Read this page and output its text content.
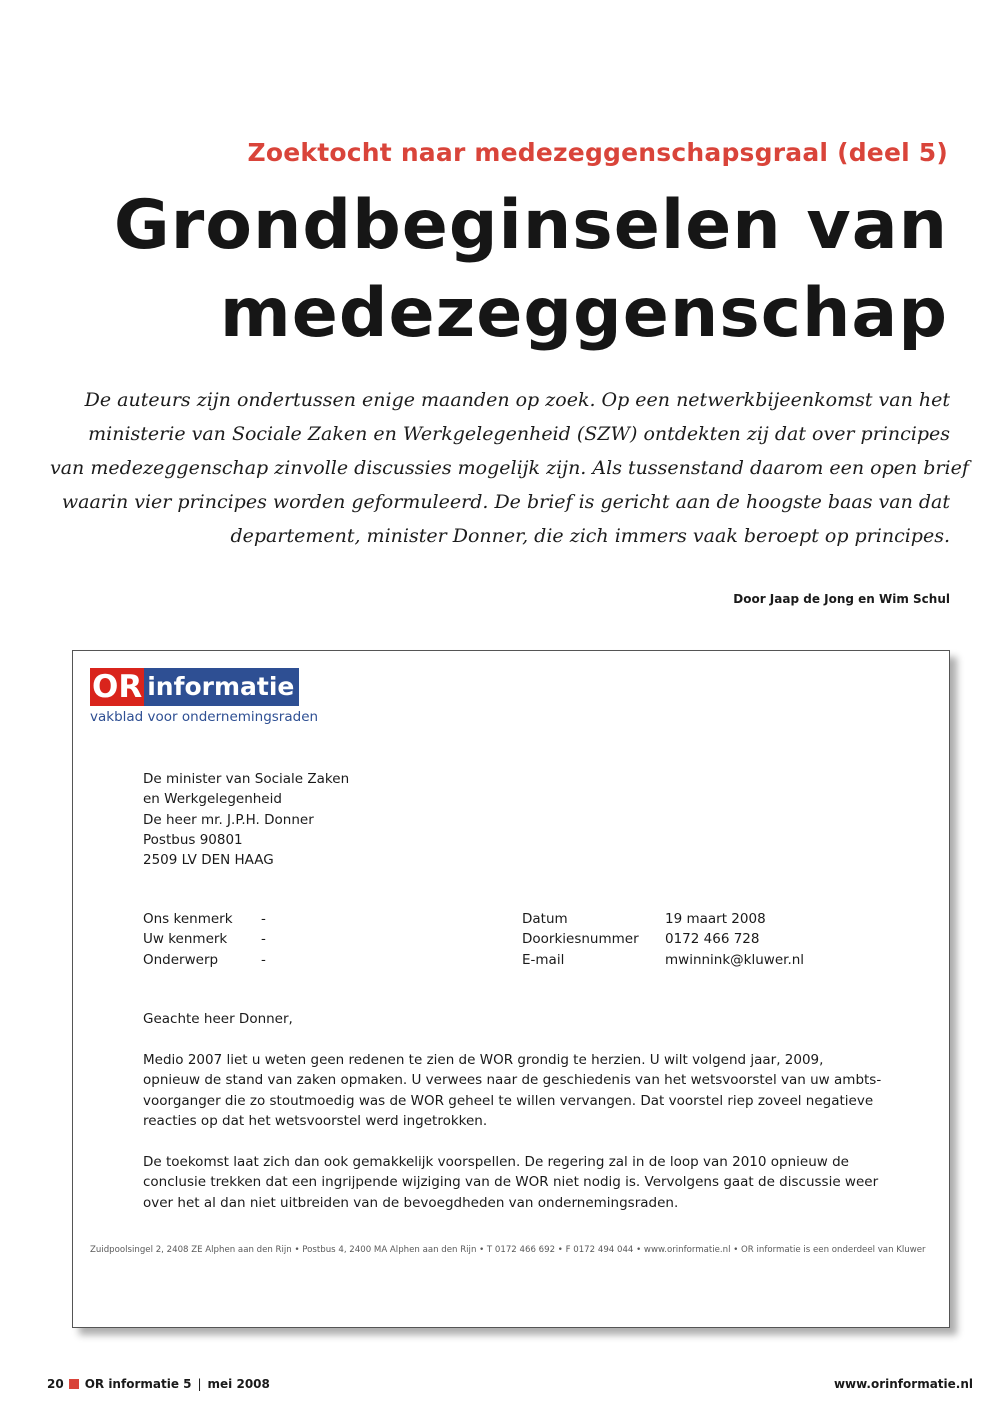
Zoektocht naar medezeggenschapsgraal (deel 5)
Grondbeginselen van
medezeggenschap
De auteurs zijn ondertussen enige maanden op zoek. Op een netwerkbijeenkomst van het
ministerie van Sociale Zaken en Werkgelegenheid (SZW) ontdekten zij dat over principes
van medezeggenschap zinvolle discussies mogelijk zijn. Als tussenstand daarom een open brief
waarin vier principes worden geformuleerd. De brief is gericht aan de hoogste baas van dat
departement, minister Donner, die zich immers vaak beroept op principes.
Door Jaap de Jong en Wim Schul
OR informatie
vakblad voor ondernemingsraden
De minister van Sociale Zaken
en Werkgelegenheid
De heer mr. J.P.H. Donner
Postbus 90801
2509 LV DEN HAAG
Ons kenmerk
Uw kenmerk
Onderwerp
-
-
-
Datum
Doorkiesnummer
E-mail
19 maart 2008
0172 466 728
mwinnink@kluwer.nl
Geachte heer Donner,
Medio 2007 liet u weten geen redenen te zien de WOR grondig te herzien. U wilt volgend jaar, 2009,
opnieuw de stand van zaken opmaken. U verwees naar de geschiedenis van het wetsvoorstel van uw ambts-
voorganger die zo stoutmoedig was de WOR geheel te willen vervangen. Dat voorstel riep zoveel negatieve
reacties op dat het wetsvoorstel werd ingetrokken.
De toekomst laat zich dan ook gemakkelijk voorspellen. De regering zal in de loop van 2010 opnieuw de
conclusie trekken dat een ingrijpende wijziging van de WOR niet nodig is. Vervolgens gaat de discussie weer
over het al dan niet uitbreiden van de bevoegdheden van ondernemingsraden.
Zuidpoolsingel 2, 2408 ZE Alphen aan den Rijn • Postbus 4, 2400 MA Alphen aan den Rijn • T 0172 466 692 • F 0172 494 044 • www.orinformatie.nl • OR informatie is een onderdeel van Kluwer
20 OR informatie 5 | mei 2008	www.orinformatie.nl
